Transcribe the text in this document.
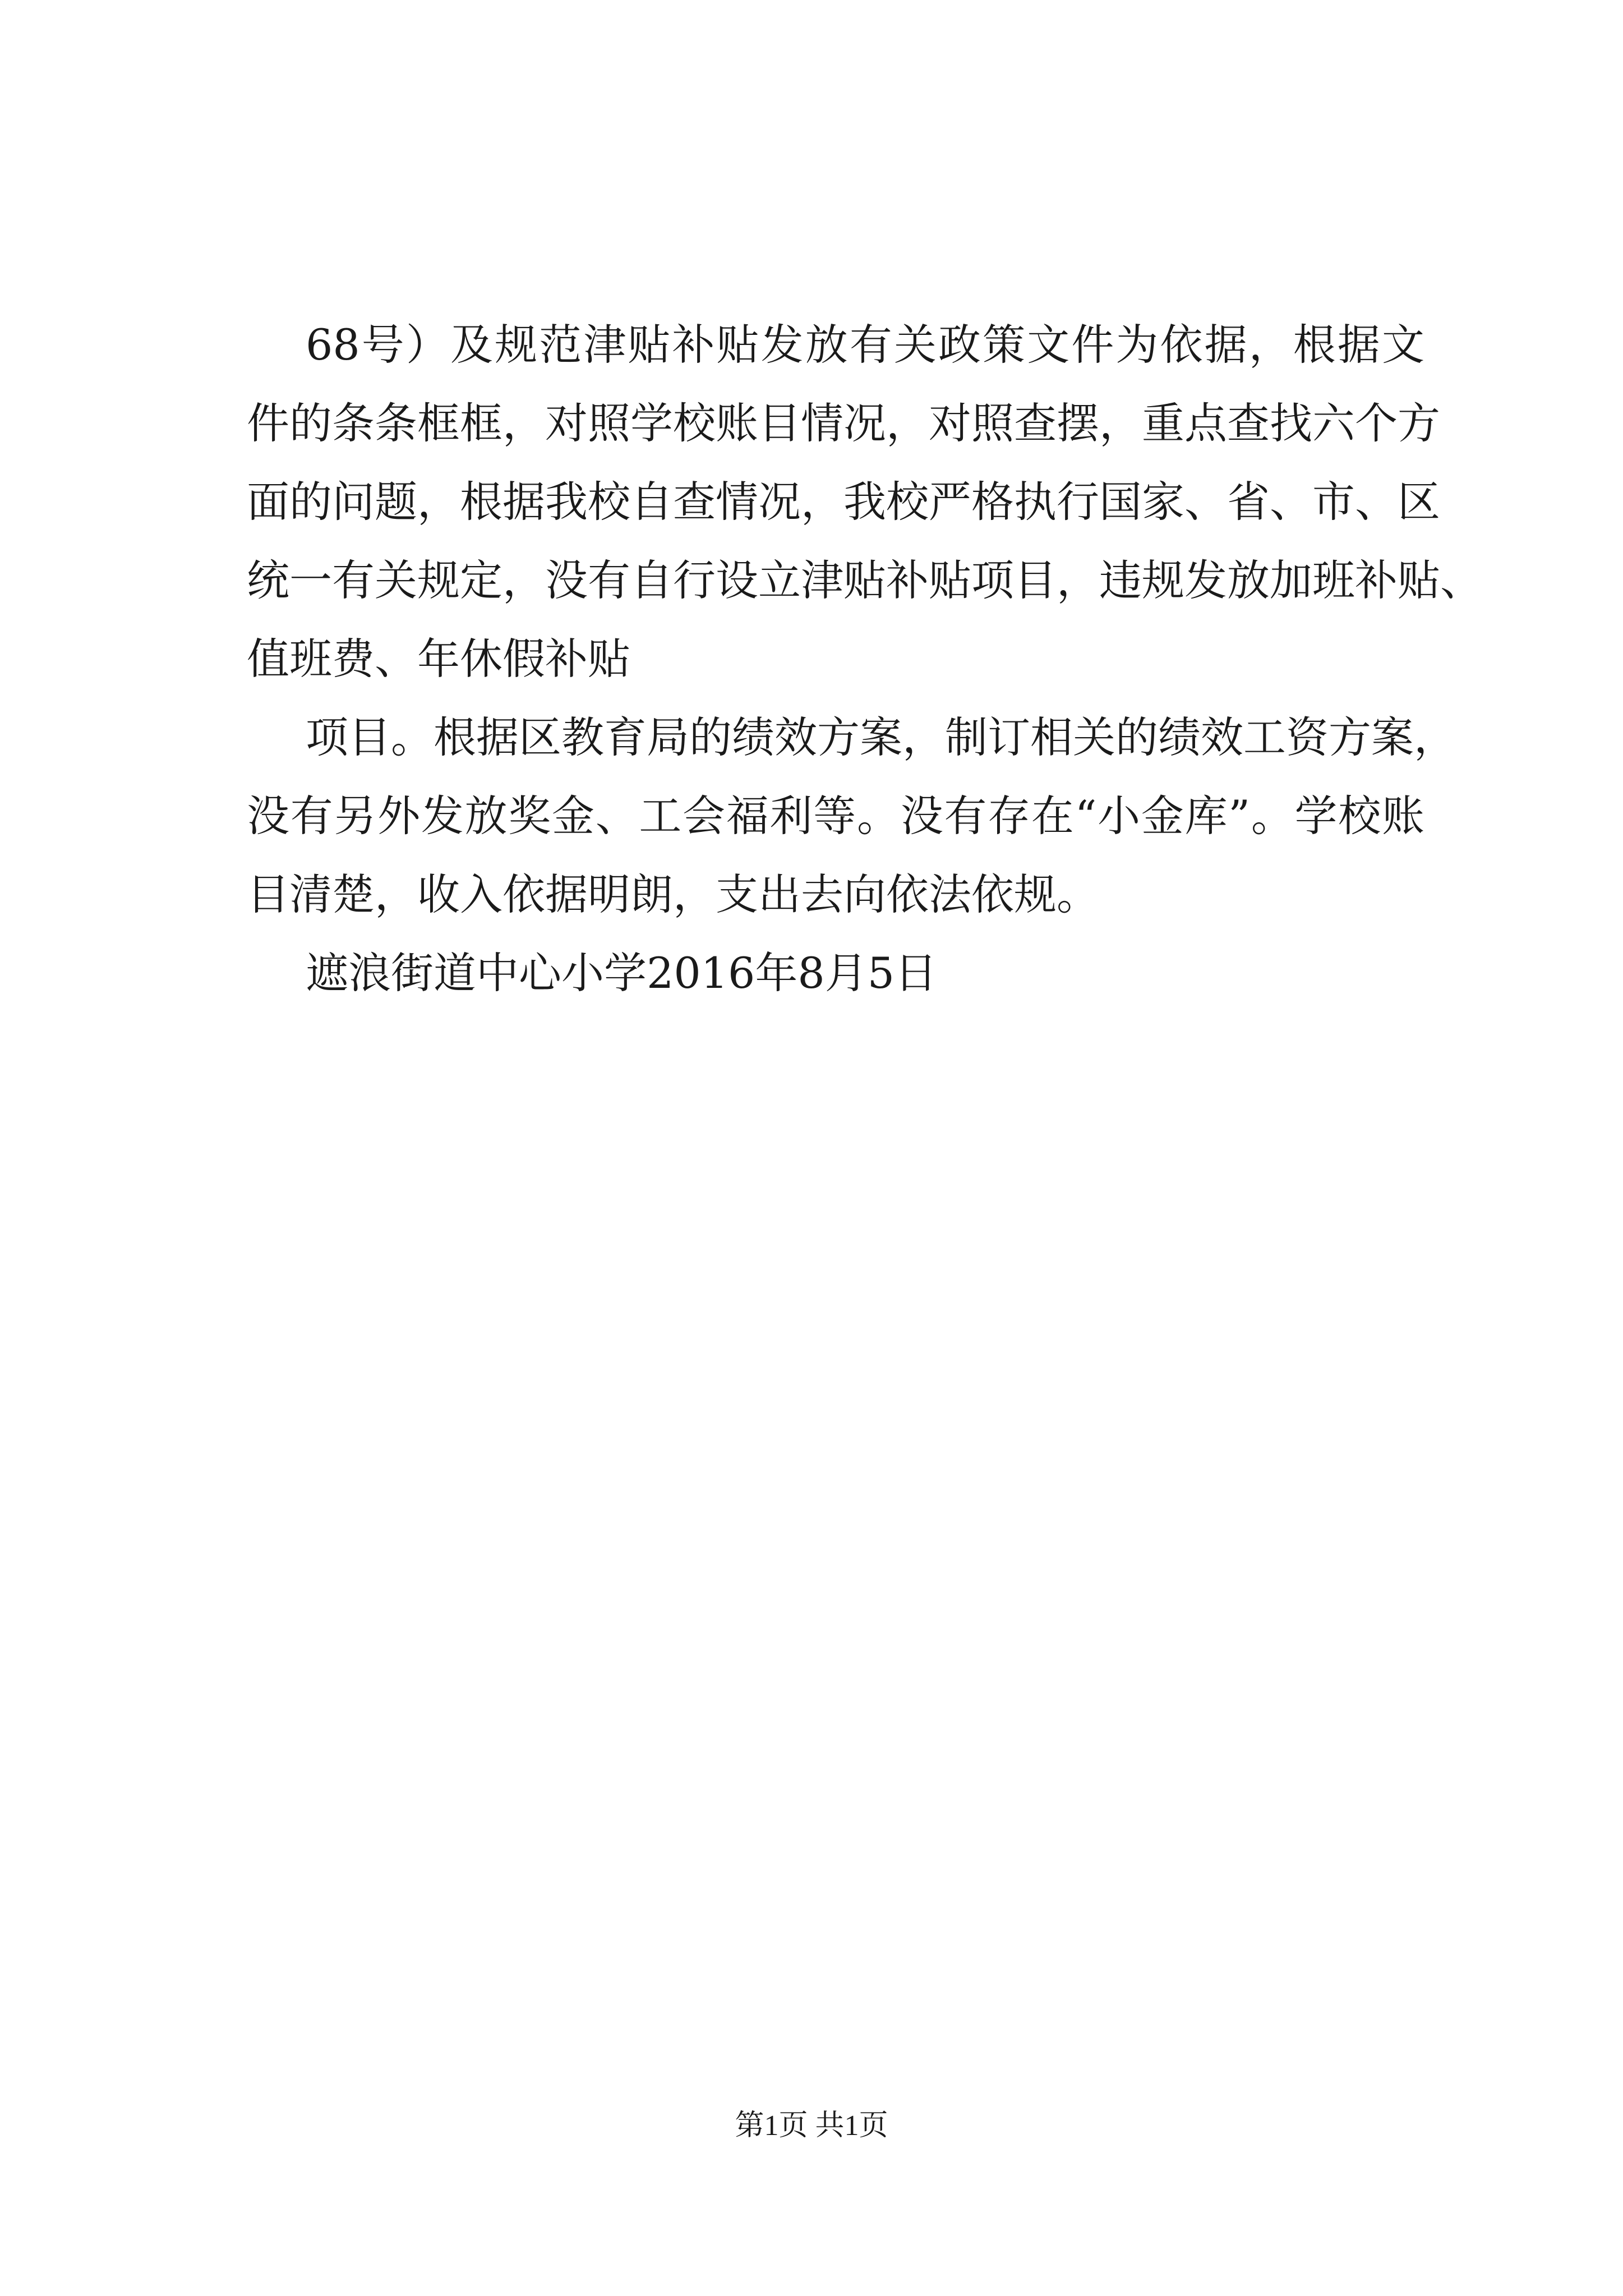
68号）及规范津贴补贴发放有关政策文件为依据，根据文
件的条条框框，对照学校账目情况，对照查摆，重点查找六个方
面的问题，根据我校自查情况，我校严格执行国家、省、市、区
统一有关规定，没有自行设立津贴补贴项目，违规发放加班补贴、
值班费、年休假补贴
项目。根据区教育局的绩效方案，制订相关的绩效工资方案，
没有另外发放奖金、工会福利等。没有存在“小金库”。学校账
目清楚，收入依据明朗，支出去向依法依规。
遮浪街道中心小学2016年8月5日
第1页 共1页
